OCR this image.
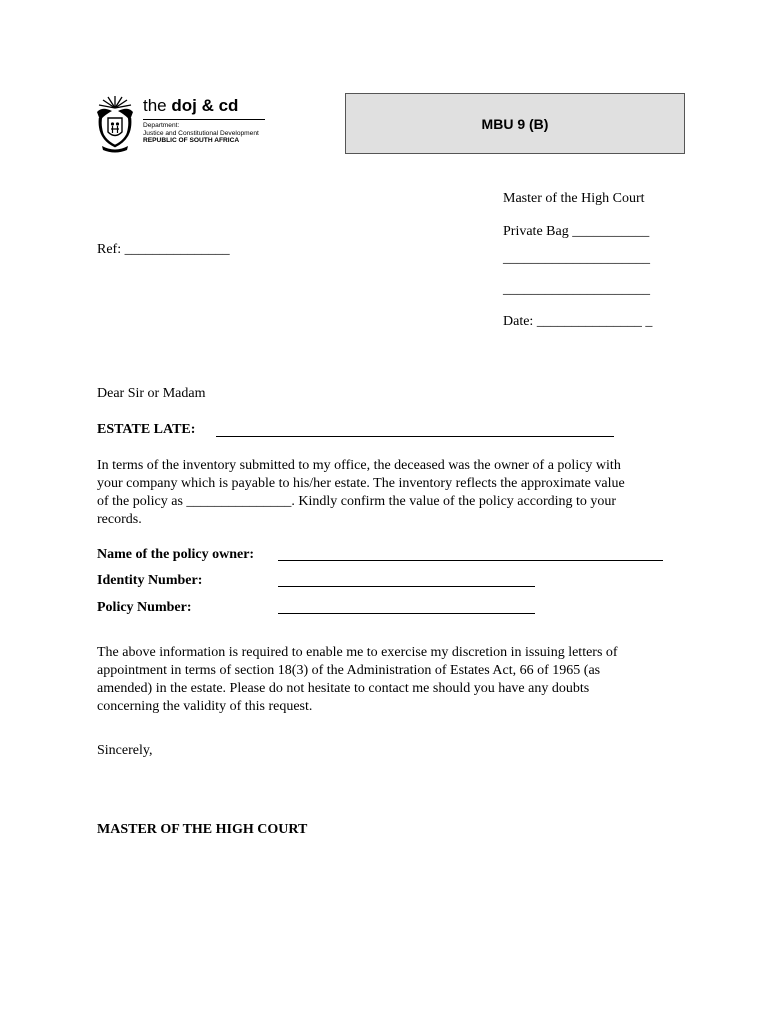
the doj & cd
Department:
Justice and Constitutional Development
REPUBLIC OF SOUTH AFRICA
MBU 9 (B)
Master of the High Court
Private Bag ___________
_____________________
_____________________
Date: _______________ _
Ref: _______________
Dear Sir or Madam
ESTATE LATE:
In terms of the inventory submitted to my office, the deceased was the owner of a policy with
your company which is payable to his/her estate. The inventory reflects the approximate value
of the policy as _______________. Kindly confirm the value of the policy according to your
records.
Name of the policy owner:
Identity Number:
Policy Number:
The above information is required to enable me to exercise my discretion in issuing letters of
appointment in terms of section 18(3) of the Administration of Estates Act, 66 of 1965 (as
amended) in the estate. Please do not hesitate to contact me should you have any doubts
concerning the validity of this request.
Sincerely,
MASTER OF THE HIGH COURT
